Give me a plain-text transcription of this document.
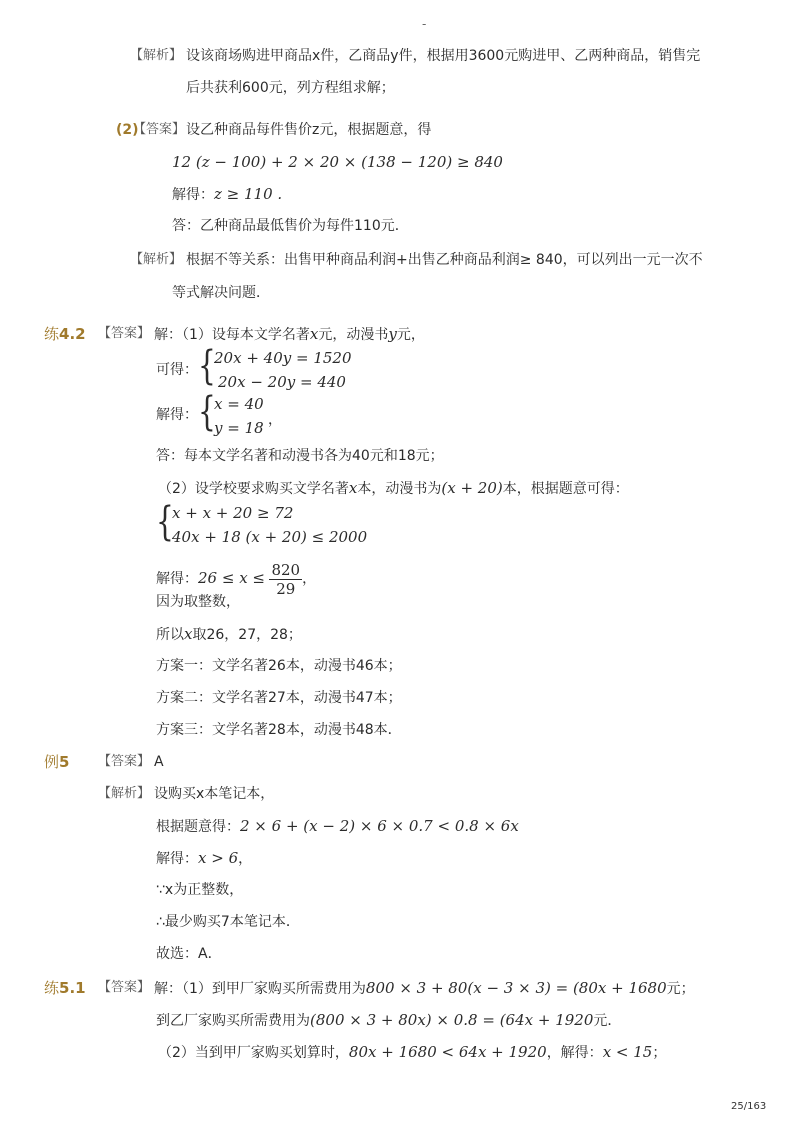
-
【解析】 设该商场购进甲商品x件，乙商品y件，根据用3600元购进甲、乙两种商品，销售完
后共获利600元，列方程组求解；
(2)
【答案】 设乙种商品每件售价z元，根据题意，得
12 (z − 100) + 2 × 20 × (138 − 120) ≥ 840
解得：z ≥ 110 .
答：乙种商品最低售价为每件110元．
【解析】 根据不等关系：出售甲种商品利润+出售乙种商品利润≥ 840，可以列出一元一次不
等式解决问题．
练4.2 【答案】 解：（1）设每本文学名著x元，动漫书y元，
可得： {
20x + 40y = 1520
20x − 20y = 440
解得： {
x = 40
y = 18 ，
答：每本文学名著和动漫书各为40元和18元；
（2）设学校要求购买文学名著x本，动漫书为(x + 20)本，根据题意可得：
{
x + x + 20 ≥ 72
40x + 18 (x + 20) ≤ 2000
解得：$26 \le x \le \frac{820}{29}$ ，
因为取整数，
所以x取26，27，28；
方案一：文学名著26本，动漫书46本；
方案二：文学名著27本，动漫书47本；
方案三：文学名著28本，动漫书48本．
例5 【答案】 A
【解析】 设购买x本笔记本，
根据题意得：2 × 6 + (x − 2) × 6 × 0.7 < 0.8 × 6x
解得：x > 6，
∵x为正整数，
∴最少购买7本笔记本．
故选：A．
练5.1 【答案】 解：（1）到甲厂家购买所需费用为800 × 3 + 80(x − 3 × 3) = (80x + 1680元；
到乙厂家购买所需费用为(800 × 3 + 80x) × 0.8 = (64x + 1920元．
（2）当到甲厂家购买划算时，80x + 1680 < 64x + 1920，解得：x < 15；
25/163
